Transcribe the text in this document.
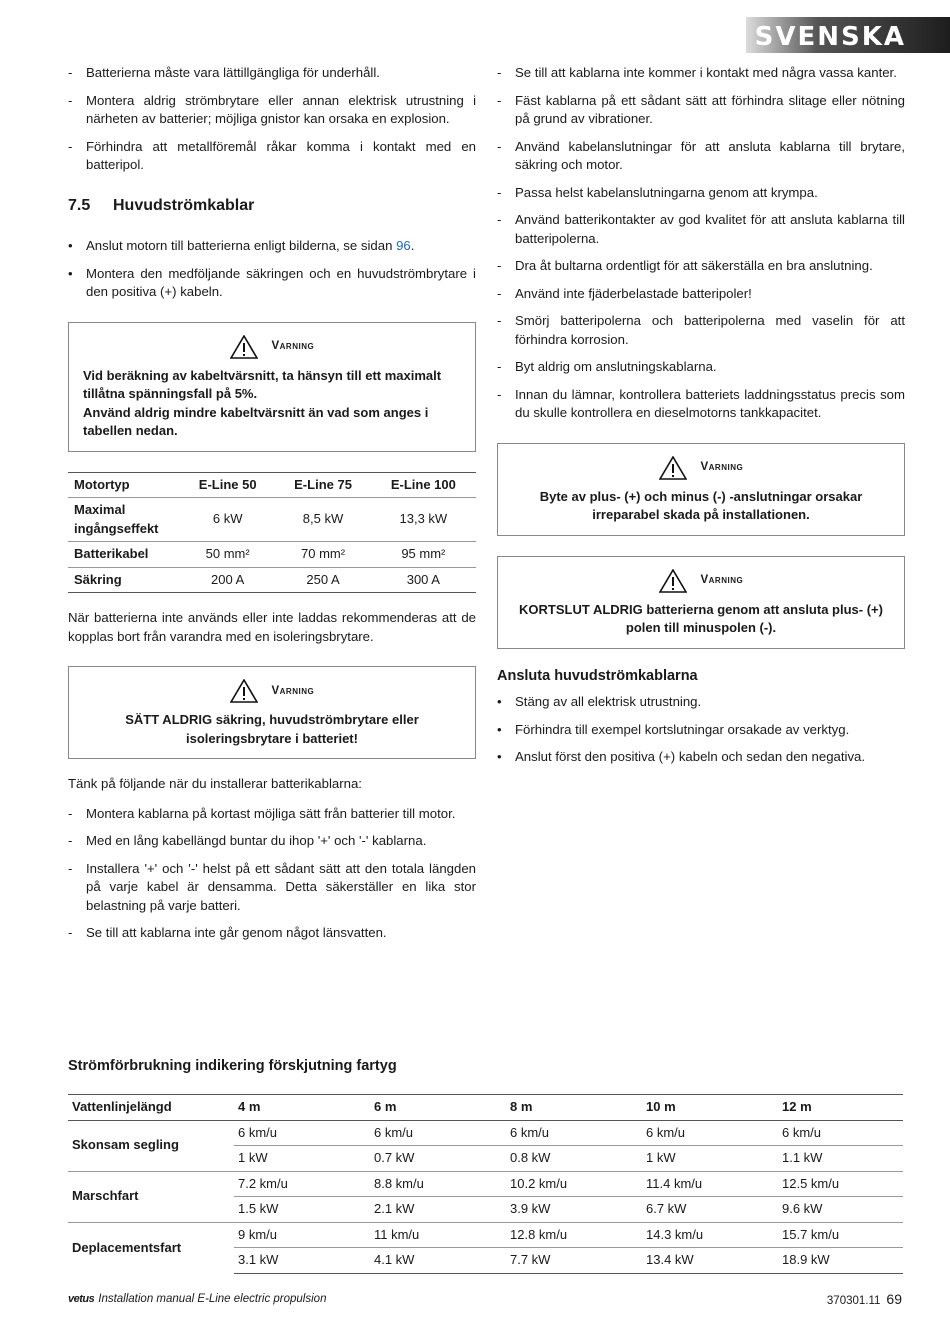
SVENSKA
- Batterierna måste vara lättillgängliga för underhåll.
- Montera aldrig strömbrytare eller annan elektrisk utrustning i närheten av batterier; möjliga gnistor kan orsaka en explosion.
- Förhindra att metallföremål råkar komma i kontakt med en batteripol.
7.5 Huvudströmkablar
• Anslut motorn till batterierna enligt bilderna, se sidan 96.
• Montera den medföljande säkringen och en huvudströmbrytare i den positiva (+) kabeln.
Varning
Vid beräkning av kabeltvärsnitt, ta hänsyn till ett maximalt tillåtna spänningsfall på 5%.
Använd aldrig mindre kabeltvärsnitt än vad som anges i tabellen nedan.
Motortyp	E-Line 50	E-Line 75	E-Line 100
Maximal ingångseffekt	6 kW	8,5 kW	13,3 kW
Batterikabel	50 mm²	70 mm²	95 mm²
Säkring	200 A	250 A	300 A

När batterierna inte används eller inte laddas rekommenderas att de kopplas bort från varandra med en isoleringsbrytare.

Varning
SÄTT ALDRIG säkring, huvudströmbrytare eller isoleringsbrytare i batteriet!

Tänk på följande när du installerar batterikablarna:

- Montera kablarna på kortast möjliga sätt från batterier till motor.
- Med en lång kabellängd buntar du ihop '+' och '-' kablarna.
- Installera '+' och '-' helst på ett sådant sätt att den totala längden på varje kabel är densamma. Detta säkerställer en lika stor belastning på varje batteri.
- Se till att kablarna inte går genom något länsvatten.
- Se till att kablarna inte kommer i kontakt med några vassa kanter.
- Fäst kablarna på ett sådant sätt att förhindra slitage eller nötning på grund av vibrationer.
- Använd kabelanslutningar för att ansluta kablarna till brytare, säkring och motor.
- Passa helst kabelanslutningarna genom att krympa.
- Använd batterikontakter av god kvalitet för att ansluta kablarna till batteripolerna.
- Dra åt bultarna ordentligt för att säkerställa en bra anslutning.
- Använd inte fjäderbelastade batteripoler!
- Smörj batteripolerna och batteripolerna med vaselin för att förhindra korrosion.
- Byt aldrig om anslutningskablarna.
- Innan du lämnar, kontrollera batteriets laddningsstatus precis som du skulle kontrollera en dieselmotorns tankkapacitet.
Varning
Byte av plus- (+) och minus (-) -anslutningar orsakar irreparabel skada på installationen.
Varning
KORTSLUT ALDRIG batterierna genom att ansluta plus- (+) polen till minuspolen (-).
Ansluta huvudströmkablarna
• Stäng av all elektrisk utrustning.
• Förhindra till exempel kortslutningar orsakade av verktyg.
• Anslut först den positiva (+) kabeln och sedan den negativa.
Strömförbrukning indikering förskjutning fartyg
Vattenlinjelängd	4 m	6 m	8 m	10 m	12 m
Skonsam segling	6 km/u	6 km/u	6 km/u	6 km/u	6 km/u
	1 kW	0.7 kW	0.8 kW	1 kW	1.1 kW
Marschfart	7.2 km/u	8.8 km/u	10.2 km/u	11.4 km/u	12.5 km/u
	1.5 kW	2.1 kW	3.9 kW	6.7 kW	9.6 kW
Deplacementsfart	9 km/u	11 km/u	12.8 km/u	14.3 km/u	15.7 km/u
	3.1 kW	4.1 kW	7.7 kW	13.4 kW	18.9 kW
vetus Installation manual E-Line electric propulsion	370301.11 69
